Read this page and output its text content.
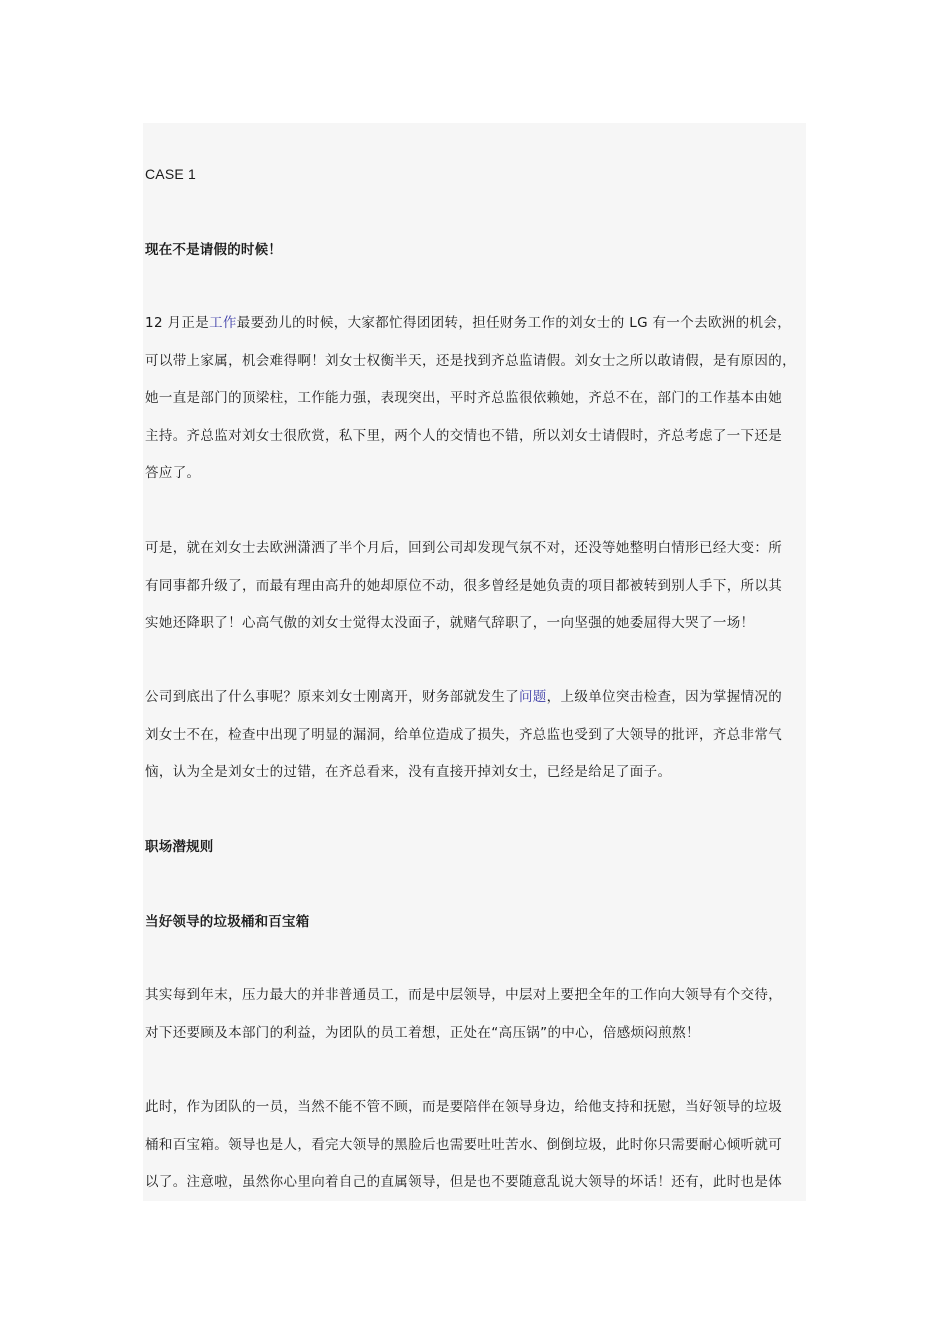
CASE 1
现在不是请假的时候！
12 月正是工作最要劲儿的时候，大家都忙得团团转，担任财务工作的刘女士的 LG 有一个去欧洲的机会，
可以带上家属，机会难得啊！刘女士权衡半天，还是找到齐总监请假。刘女士之所以敢请假，是有原因的，
她一直是部门的顶梁柱，工作能力强，表现突出，平时齐总监很依赖她，齐总不在，部门的工作基本由她
主持。齐总监对刘女士很欣赏，私下里，两个人的交情也不错，所以刘女士请假时，齐总考虑了一下还是
答应了。
可是，就在刘女士去欧洲潇洒了半个月后，回到公司却发现气氛不对，还没等她整明白情形已经大变：所
有同事都升级了，而最有理由高升的她却原位不动，很多曾经是她负责的项目都被转到别人手下，所以其
实她还降职了！心高气傲的刘女士觉得太没面子，就赌气辞职了，一向坚强的她委屈得大哭了一场！
公司到底出了什么事呢？原来刘女士刚离开，财务部就发生了问题，上级单位突击检查，因为掌握情况的
刘女士不在，检查中出现了明显的漏洞，给单位造成了损失，齐总监也受到了大领导的批评，齐总非常气
恼，认为全是刘女士的过错，在齐总看来，没有直接开掉刘女士，已经是给足了面子。
职场潜规则
当好领导的垃圾桶和百宝箱
其实每到年末，压力最大的并非普通员工，而是中层领导，中层对上要把全年的工作向大领导有个交待，
对下还要顾及本部门的利益，为团队的员工着想，正处在“高压锅”的中心，倍感烦闷煎熬！
此时，作为团队的一员，当然不能不管不顾，而是要陪伴在领导身边，给他支持和抚慰，当好领导的垃圾
桶和百宝箱。领导也是人，看完大领导的黑脸后也需要吐吐苦水、倒倒垃圾，此时你只需要耐心倾听就可
以了。注意啦，虽然你心里向着自己的直属领导，但是也不要随意乱说大领导的坏话！还有，此时也是体
